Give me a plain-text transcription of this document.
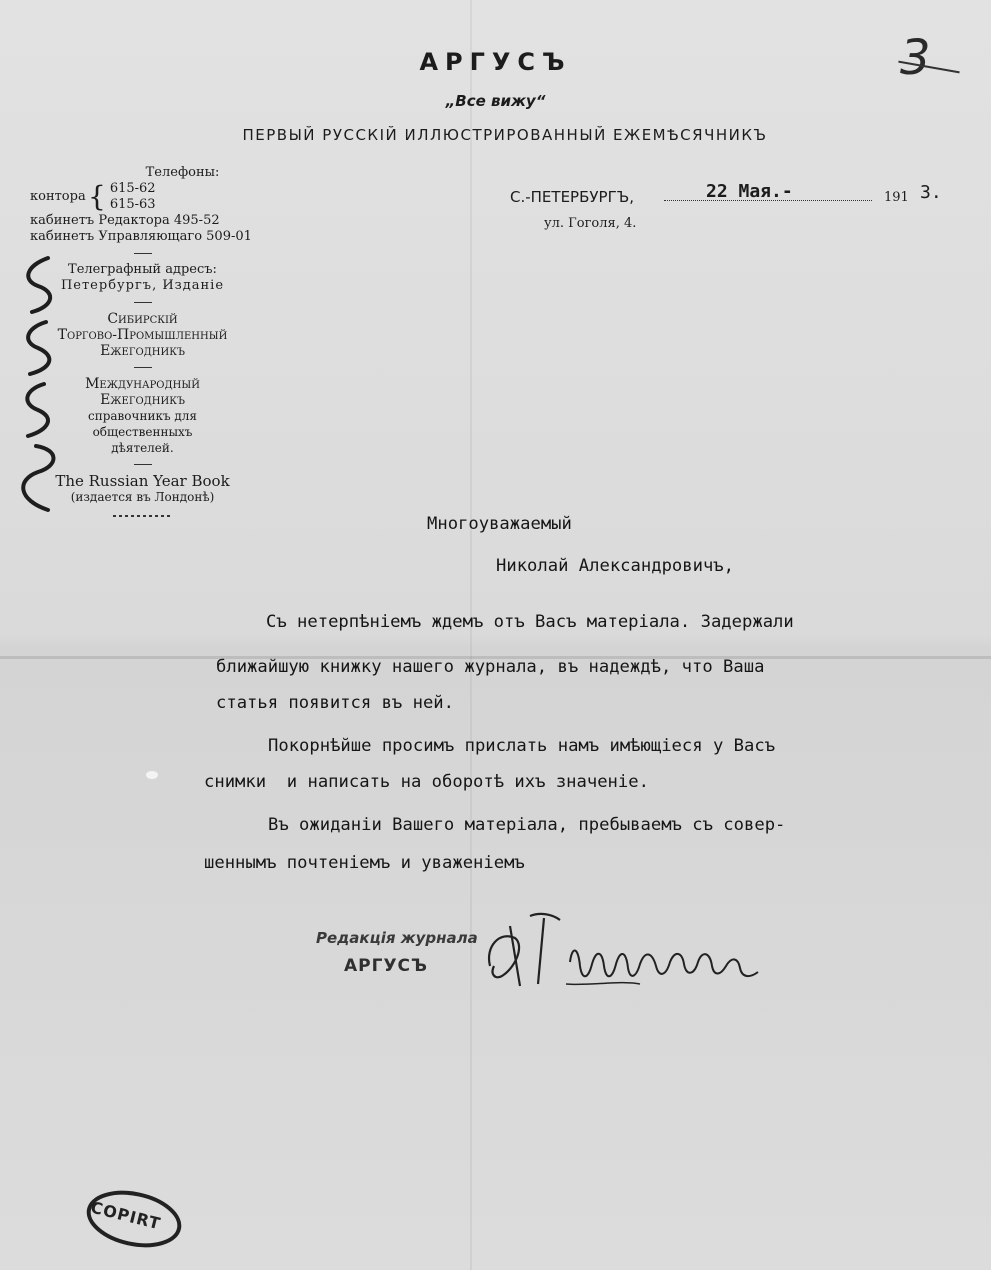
АРГУСЪ

„Все вижу“

ПЕРВЫЙ РУССКІЙ ИЛЛЮСТРИРОВАННЫЙ ЕЖЕМѢСЯЧНИКЪ

3

Телефоны:
контора { 615-62
615-63
кабинетъ Редактора 495-52
кабинетъ Управляющаго 509-01
Телеграфный адресъ:
Петербургъ, Изданіе
Сибирскій
Торгово-Промышленный
Ежегодникъ
Международный
Ежегодникъ
справочникъ для
общественныхъ
дѣятелей.
The Russian Year Book
(издается въ Лондонѣ)

С.-ПЕТЕРБУРГЪ,

ул. Гоголя, 4.

22 Мая.-	191 3.

Многоуважаемый

Николай Александровичъ,

Съ нетерпѣніемъ ждемъ отъ Васъ матеріала. Задержали

ближайшую книжку нашего журнала, въ надеждѣ, что Ваша

статья появится въ ней.

Покорнѣйше просимъ прислать намъ имѣющіеся у Васъ

снимки  и написать на оборотѣ ихъ значеніе.

Въ ожиданіи Вашего матеріала, пребываемъ съ совер-

шеннымъ почтеніемъ и уваженіемъ

Редакція журнала

АРГУСЪ

COPIRT
